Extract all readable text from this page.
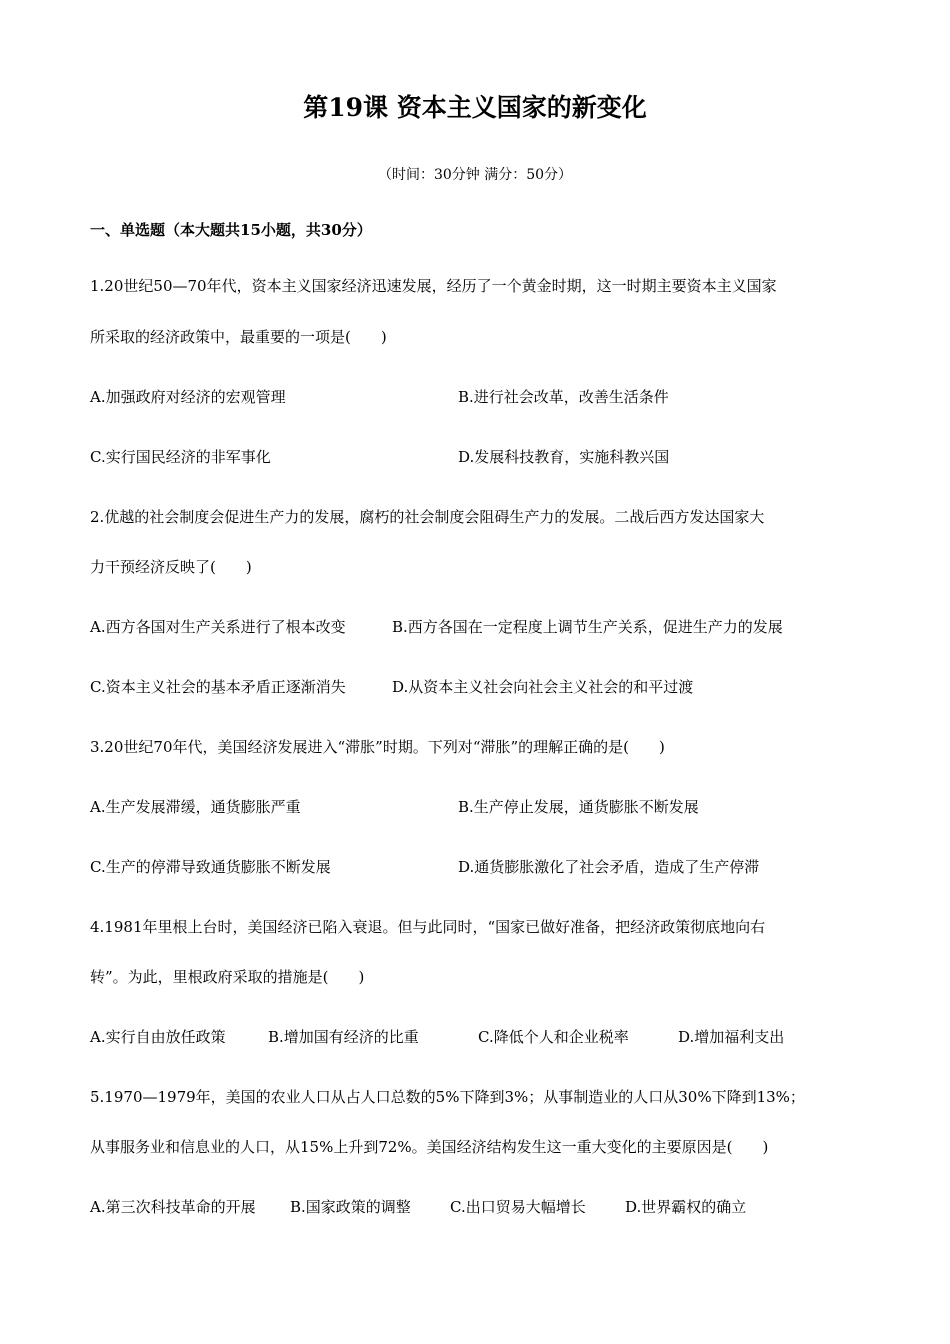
第19课 资本主义国家的新变化
（时间：30分钟 满分：50分）
一、单选题（本大题共15小题，共30分）
1.20世纪50—70年代，资本主义国家经济迅速发展，经历了一个黄金时期，这一时期主要资本主义国家
所采取的经济政策中，最重要的一项是(　　)
A.加强政府对经济的宏观管理	B.进行社会改革，改善生活条件
C.实行国民经济的非军事化	D.发展科技教育，实施科教兴国
2.优越的社会制度会促进生产力的发展，腐朽的社会制度会阻碍生产力的发展。二战后西方发达国家大
力干预经济反映了(　　)
A.西方各国对生产关系进行了根本改变	B.西方各国在一定程度上调节生产关系，促进生产力的发展
C.资本主义社会的基本矛盾正逐渐消失	D.从资本主义社会向社会主义社会的和平过渡
3.20世纪70年代，美国经济发展进入“滞胀”时期。下列对“滞胀”的理解正确的是(　　)
A.生产发展滞缓，通货膨胀严重	B.生产停止发展，通货膨胀不断发展
C.生产的停滞导致通货膨胀不断发展	D.通货膨胀激化了社会矛盾，造成了生产停滞
4.1981年里根上台时，美国经济已陷入衰退。但与此同时，“国家已做好准备，把经济政策彻底地向右
转”。为此，里根政府采取的措施是(　　)
A.实行自由放任政策	B.增加国有经济的比重	C.降低个人和企业税率	D.增加福利支出
5.1970—1979年，美国的农业人口从占人口总数的5%下降到3%；从事制造业的人口从30%下降到13%；
从事服务业和信息业的人口，从15%上升到72%。美国经济结构发生这一重大变化的主要原因是(　　)
A.第三次科技革命的开展 B.国家政策的调整	C.出口贸易大幅增长	D.世界霸权的确立
